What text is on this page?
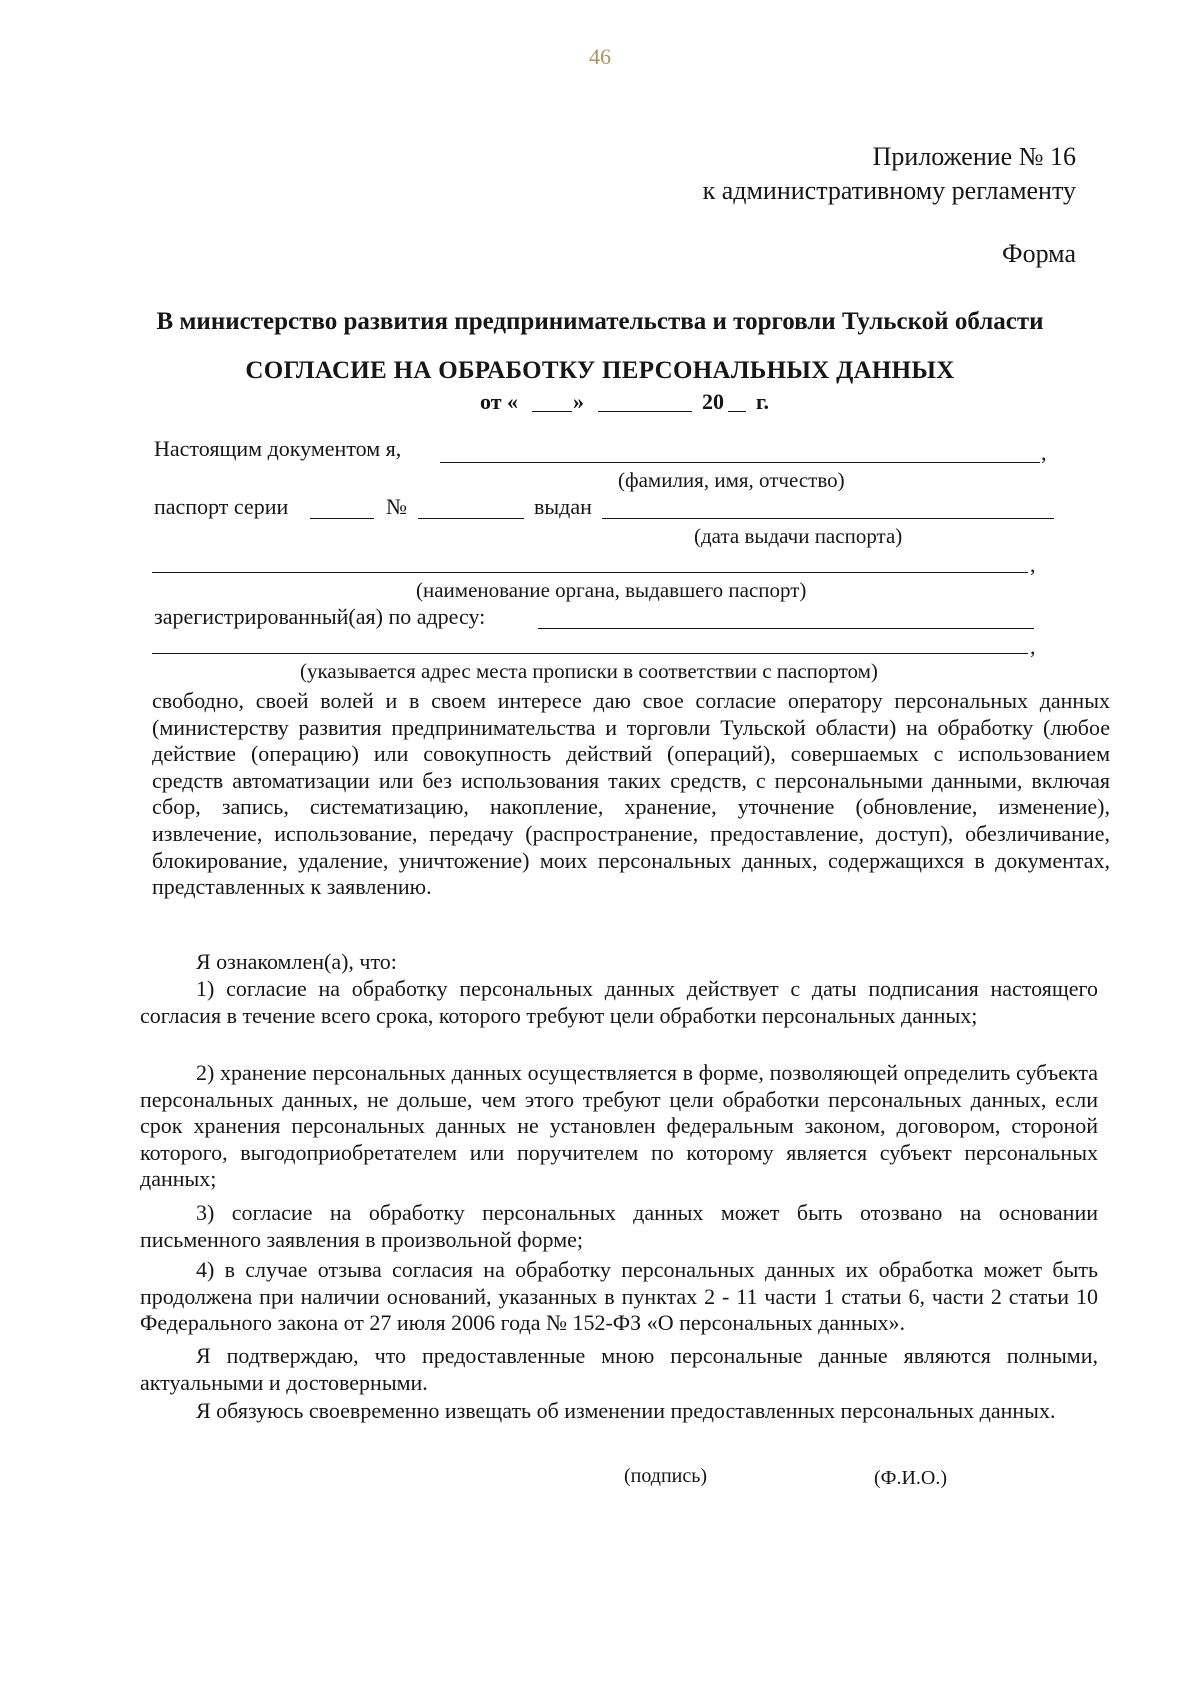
46
Приложение № 16
к административному регламенту
Форма
В министерство развития предпринимательства и торговли Тульской области
СОГЛАСИЕ НА ОБРАБОТКУ ПЕРСОНАЛЬНЫХ ДАННЫХ
от « »	20 г.
Настоящим документом я,	,
(фамилия, имя, отчество)
паспорт серии	№	выдан
(дата выдачи паспорта)
,
(наименование органа, выдавшего паспорт)
зарегистрированный(ая) по адресу:
,
(указывается адрес места прописки в соответствии с паспортом)

свободно, своей волей и в своем интересе даю свое согласие оператору персональных данных (министерству развития предпринимательства и торговли Тульской области) на обработку (любое действие (операцию) или совокупность действий (операций), совершаемых с использованием средств автоматизации или без использования таких средств, с персональными данными, включая сбор, запись, систематизацию, накопление, хранение, уточнение (обновление, изменение), извлечение, использование, передачу (распространение, предоставление, доступ), обезличивание, блокирование, удаление, уничтожение) моих персональных данных, содержащихся в документах, представленных к заявлению.

Я ознакомлен(а), что:

1) согласие на обработку персональных данных действует с даты подписания настоящего согласия в течение всего срока, которого требуют цели обработки персональных данных;

2) хранение персональных данных осуществляется в форме, позволяющей определить субъекта персональных данных, не дольше, чем этого требуют цели обработки персональных данных, если срок хранения персональных данных не установлен федеральным законом, договором, стороной которого, выгодоприобретателем или поручителем по которому является субъект персональных данных;

3) согласие на обработку персональных данных может быть отозвано на основании письменного заявления в произвольной форме;

4) в случае отзыва согласия на обработку персональных данных их обработка может быть продолжена при наличии оснований, указанных в пунктах 2 - 11 части 1 статьи 6, части 2 статьи 10 Федерального закона от 27 июля 2006 года № 152-ФЗ «О персональных данных».

Я подтверждаю, что предоставленные мною персональные данные являются полными, актуальными и достоверными.

Я обязуюсь своевременно извещать об изменении предоставленных персональных данных.

(подпись)	(Ф.И.О.)
